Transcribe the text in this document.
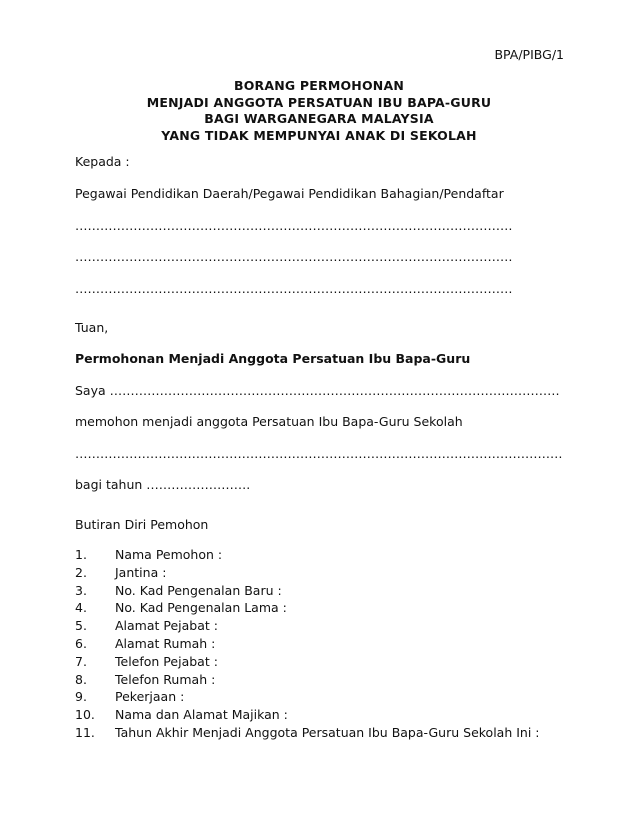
BPA/PIBG/1
BORANG PERMOHONAN
MENJADI ANGGOTA PERSATUAN IBU BAPA-GURU
BAGI WARGANEGARA MALAYSIA
YANG TIDAK MEMPUNYAI ANAK DI SEKOLAH
Kepada :
Pegawai Pendidikan Daerah/Pegawai Pendidikan Bahagian/Pendaftar
……………………………………………………………………………………………
……………………………………………………………………………………………
……………………………………………………………………………………………
Tuan,
Permohonan Menjadi Anggota Persatuan Ibu Bapa-Guru
Saya ………………………………………………………………………………………………
memohon menjadi anggota Persatuan Ibu Bapa-Guru Sekolah
………………………………………………………………………………………………………
bagi tahun …………………….
Butiran Diri Pemohon
1. Nama Pemohon :
2. Jantina :
3. No. Kad Pengenalan Baru :
4. No. Kad Pengenalan Lama :
5. Alamat Pejabat :
6. Alamat Rumah :
7. Telefon Pejabat :
8. Telefon Rumah :
9. Pekerjaan :
10. Nama dan Alamat Majikan :
11. Tahun Akhir Menjadi Anggota Persatuan Ibu Bapa-Guru Sekolah Ini :
